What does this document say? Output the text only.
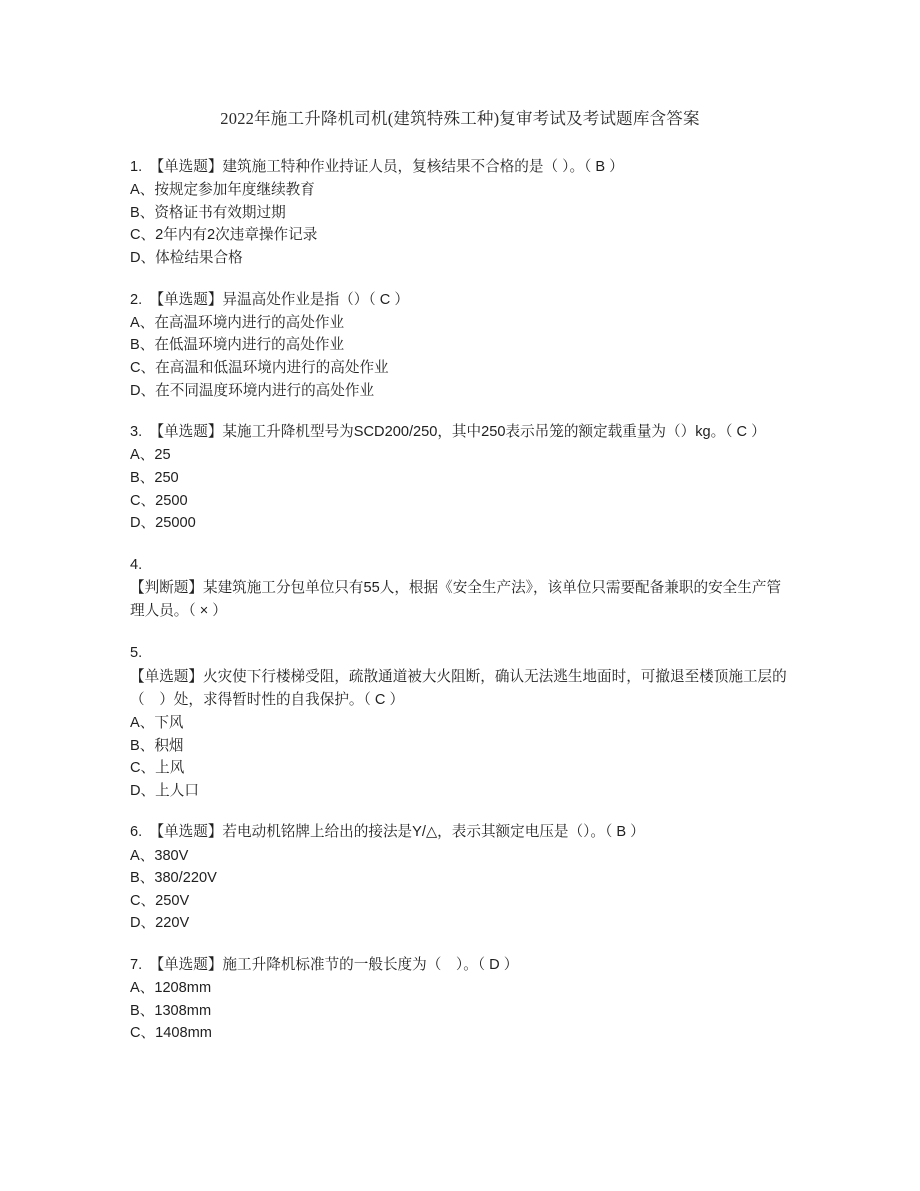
2022年施工升降机司机(建筑特殊工种)复审考试及考试题库含答案
1.　【单选题】建筑施工特种作业持证人员，复核结果不合格的是（ ）。（ B ）
A、按规定参加年度继续教育
B、资格证书有效期过期
C、2年内有2次违章操作记录
D、体检结果合格
2.　【单选题】异温高处作业是指（）（ C ）
A、在高温环境内进行的高处作业
B、在低温环境内进行的高处作业
C、在高温和低温环境内进行的高处作业
D、在不同温度环境内进行的高处作业
3.　【单选题】某施工升降机型号为SCD200/250，其中250表示吊笼的额定载重量为（）kg。（ C ）
A、25
B、250
C、2500
D、25000
4.
【判断题】某建筑施工分包单位只有55人，根据《安全生产法》，该单位只需要配备兼职的安全生产管理人员。（ × ）
5.
【单选题】火灾使下行楼梯受阻，疏散通道被大火阻断，确认无法逃生地面时，可撤退至楼顶施工层的（　）处，求得暂时性的自我保护。（ C ）
A、下风
B、积烟
C、上风
D、上人口
6.　【单选题】若电动机铭牌上给出的接法是Y/△，表示其额定电压是（）。（ B ）
A、380V
B、380/220V
C、250V
D、220V
7.　【单选题】施工升降机标准节的一般长度为（　）。（ D ）
A、1208mm
B、1308mm
C、1408mm
